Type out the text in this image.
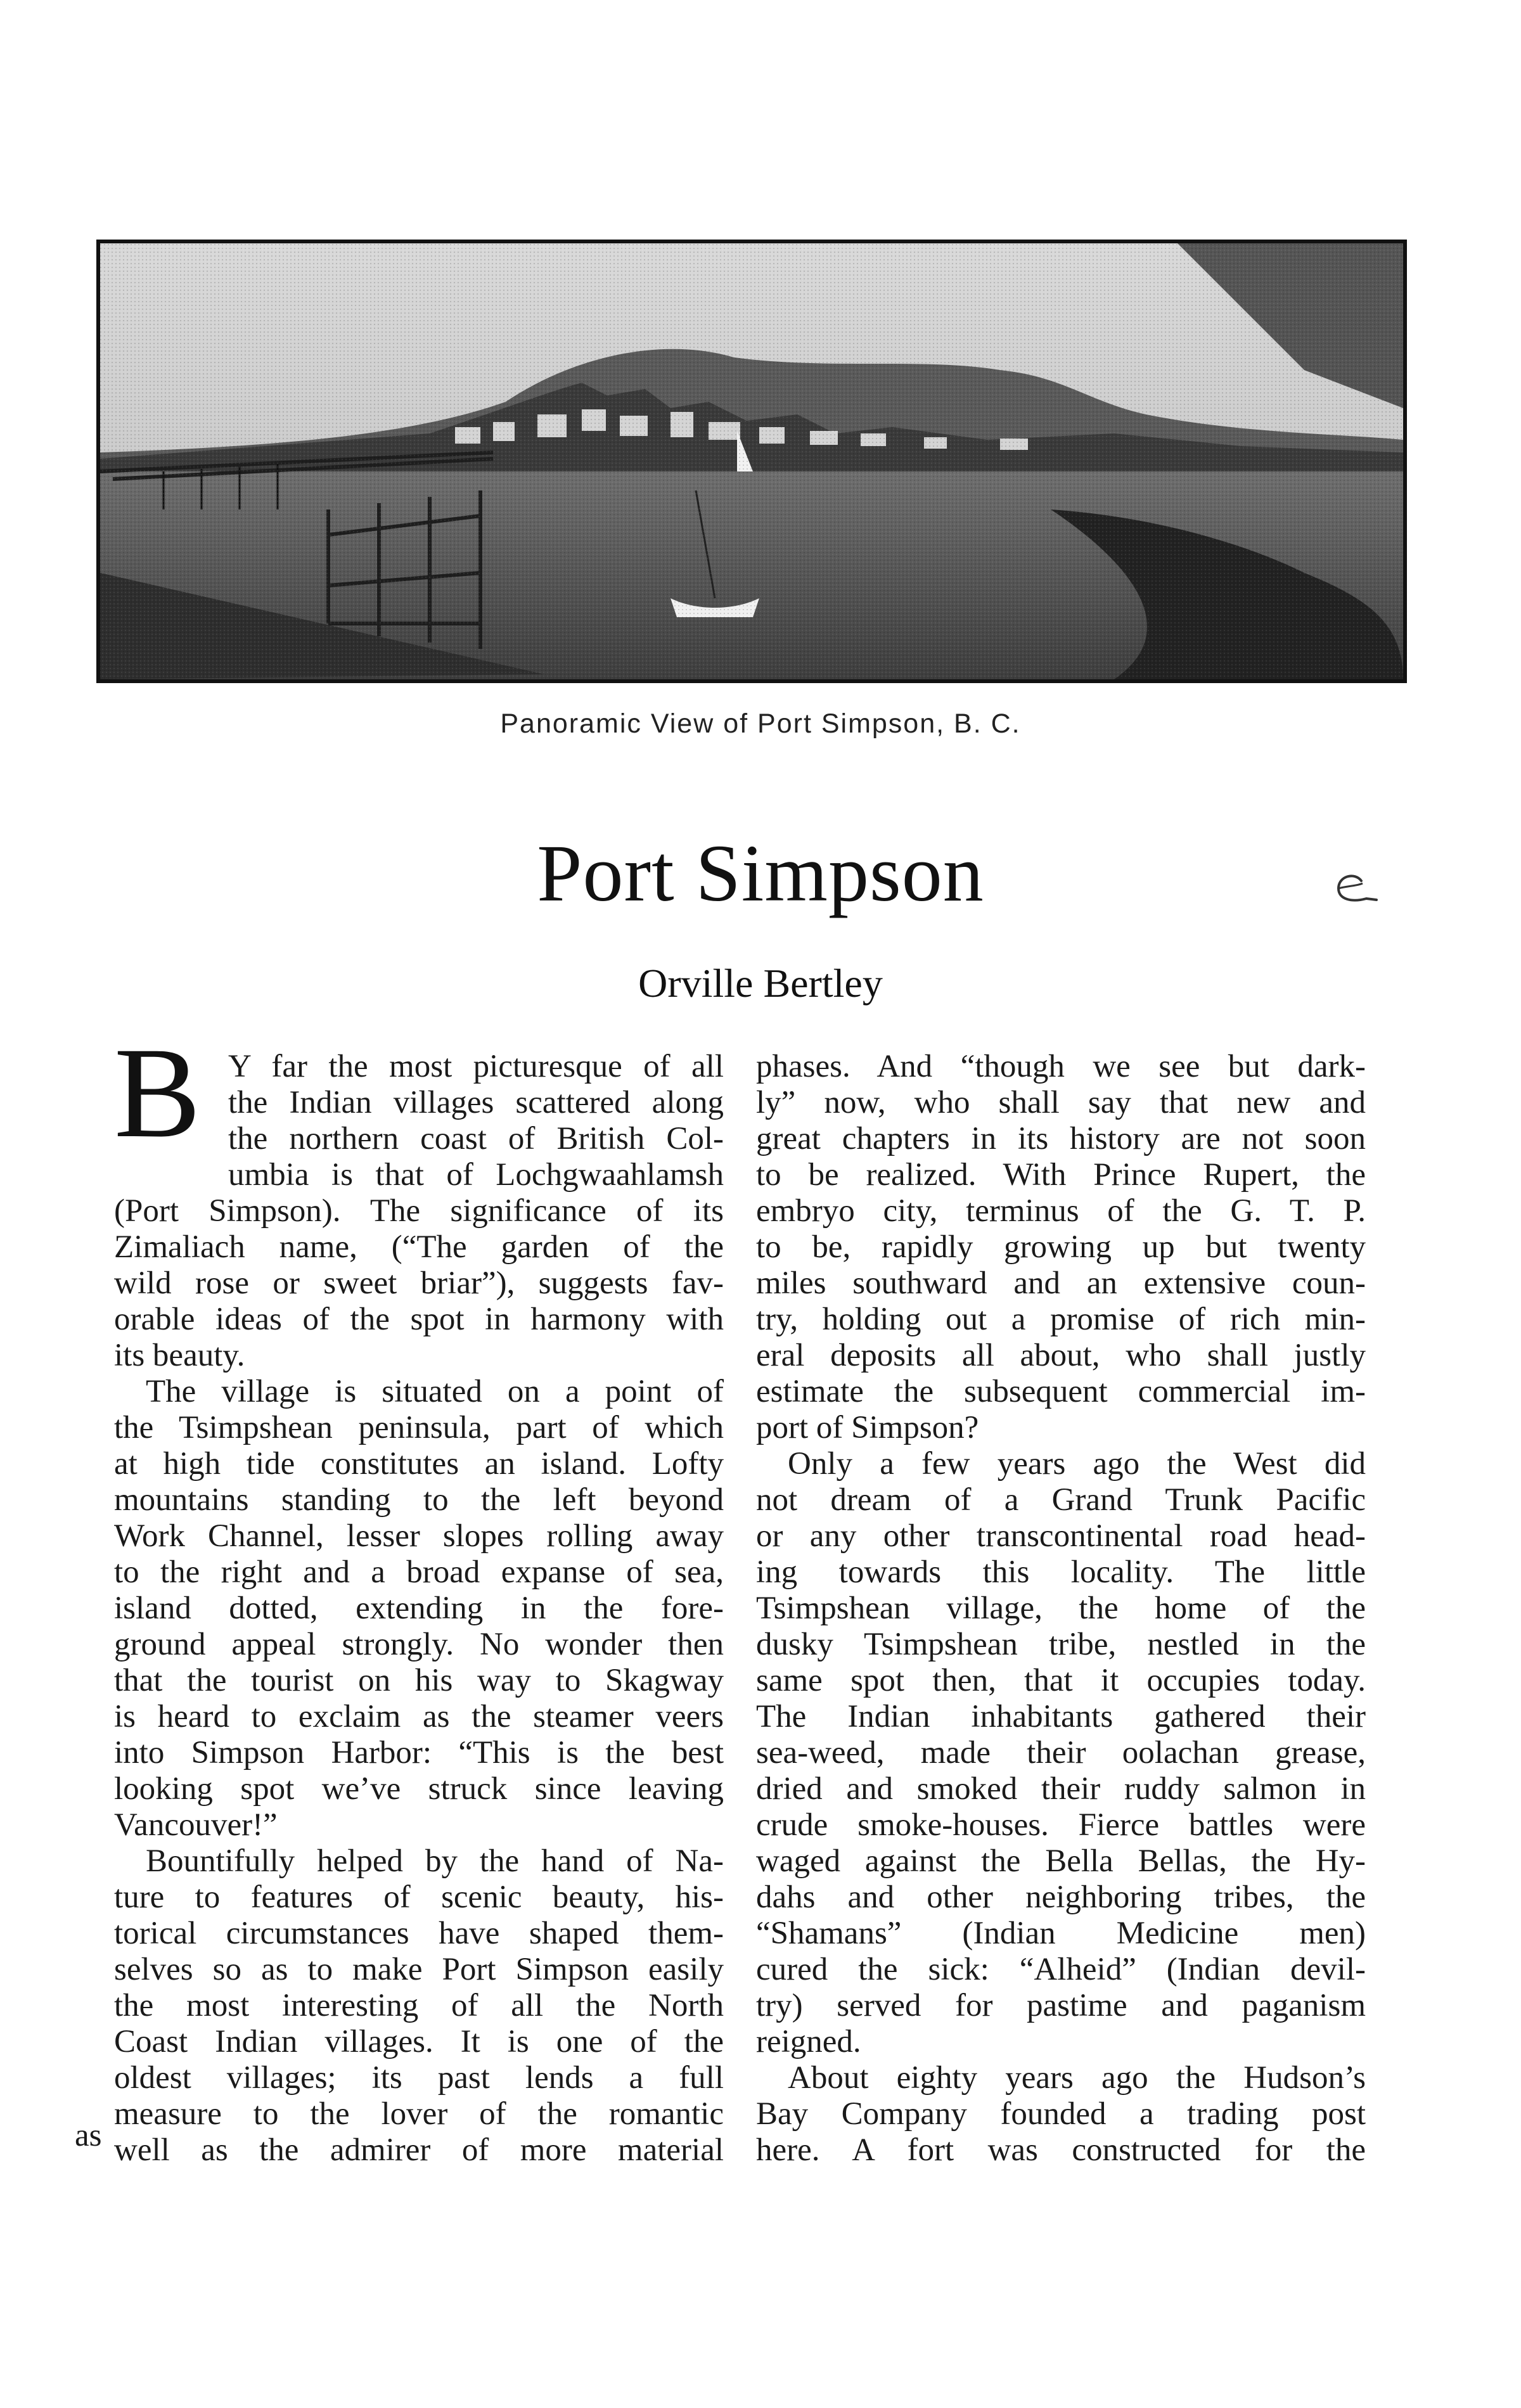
Panoramic View of Port Simpson, B. C.
Port Simpson
Orville Bertley
B Y far the most picturesque of all
the Indian villages scattered along
the northern coast of British Col-
umbia is that of Lochgwaahlamsh
(Port Simpson). The significance of its
Zimaliach name, (“The garden of the
wild rose or sweet briar”), suggests fav-
orable ideas of the spot in harmony with
its beauty.
The village is situated on a point of
the Tsimpshean peninsula, part of which
at high tide constitutes an island. Lofty
mountains standing to the left beyond
Work Channel, lesser slopes rolling away
to the right and a broad expanse of sea,
island dotted, extending in the fore-
ground appeal strongly. No wonder then
that the tourist on his way to Skagway
is heard to exclaim as the steamer veers
into Simpson Harbor: “This is the best
looking spot we’ve struck since leaving
Vancouver!”
Bountifully helped by the hand of Na-
ture to features of scenic beauty, his-
torical circumstances have shaped them-
selves so as to make Port Simpson easily
the most interesting of all the North
Coast Indian villages. It is one of the
oldest villages; its past lends a full
measure to the lover of the romantic
well as the admirer of more material
as
phases. And “though we see but dark-
ly” now, who shall say that new and
great chapters in its history are not soon
to be realized. With Prince Rupert, the
embryo city, terminus of the G. T. P.
to be, rapidly growing up but twenty
miles southward and an extensive coun-
try, holding out a promise of rich min-
eral deposits all about, who shall justly
estimate the subsequent commercial im-
port of Simpson?
Only a few years ago the West did
not dream of a Grand Trunk Pacific
or any other transcontinental road head-
ing towards this locality. The little
Tsimpshean village, the home of the
dusky Tsimpshean tribe, nestled in the
same spot then, that it occupies today.
The Indian inhabitants gathered their
sea-weed, made their oolachan grease,
dried and smoked their ruddy salmon in
crude smoke-houses. Fierce battles were
waged against the Bella Bellas, the Hy-
dahs and other neighboring tribes, the
“Shamans” (Indian Medicine men)
cured the sick: “Alheid” (Indian devil-
try) served for pastime and paganism
reigned.
About eighty years ago the Hudson’s
Bay Company founded a trading post
here. A fort was constructed for the
